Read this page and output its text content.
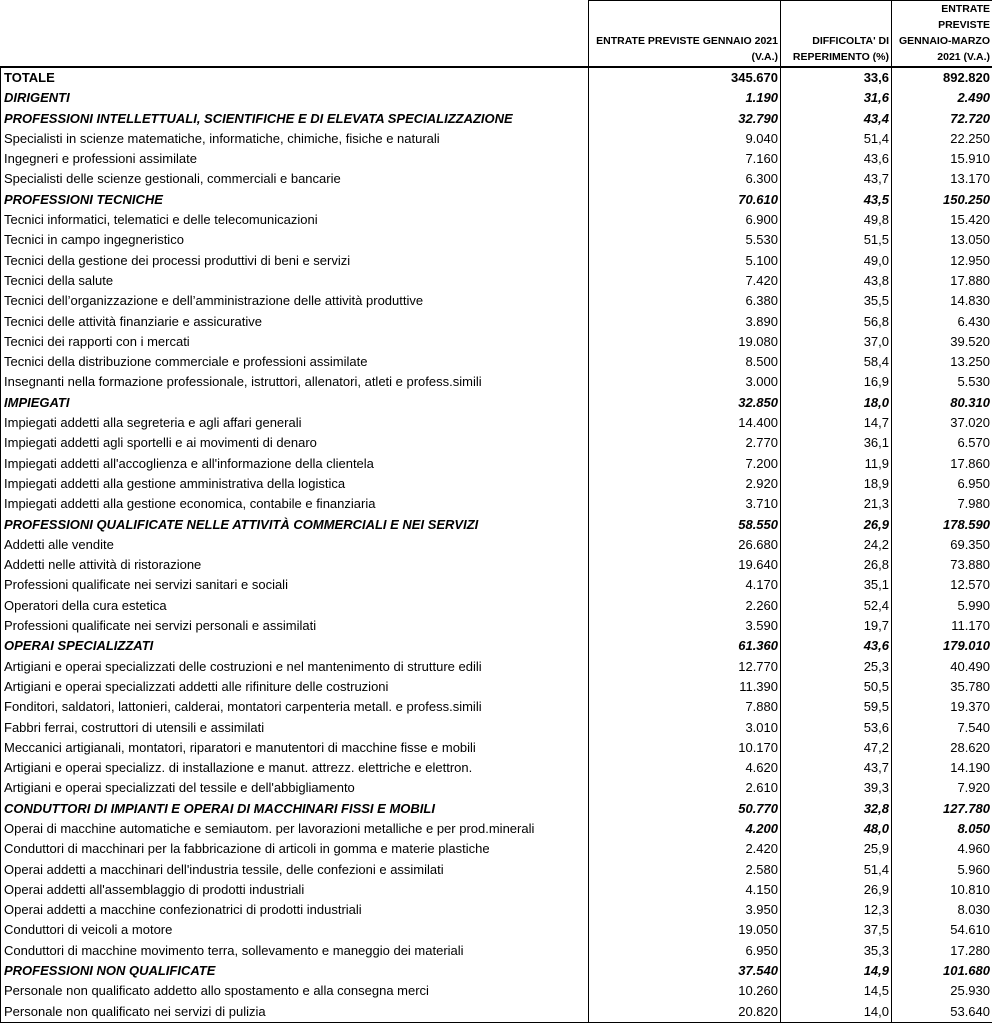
	ENTRATE PREVISTE GENNAIO 2021 (V.A.)	DIFFICOLTA' DI REPERIMENTO (%)	ENTRATE PREVISTE GENNAIO-MARZO 2021 (V.A.)
TOTALE	345.670	33,6	892.820
DIRIGENTI	1.190	31,6	2.490
PROFESSIONI INTELLETTUALI, SCIENTIFICHE E DI ELEVATA SPECIALIZZAZIONE	32.790	43,4	72.720
Specialisti in scienze matematiche, informatiche, chimiche, fisiche e naturali	9.040	51,4	22.250
Ingegneri e professioni assimilate	7.160	43,6	15.910
Specialisti delle scienze gestionali, commerciali e bancarie	6.300	43,7	13.170
PROFESSIONI TECNICHE	70.610	43,5	150.250
Tecnici informatici, telematici e delle telecomunicazioni	6.900	49,8	15.420
Tecnici in campo ingegneristico	5.530	51,5	13.050
Tecnici della gestione dei processi produttivi di beni e servizi	5.100	49,0	12.950
Tecnici della salute	7.420	43,8	17.880
Tecnici dell’organizzazione e dell’amministrazione delle attività produttive	6.380	35,5	14.830
Tecnici delle attività finanziarie e assicurative	3.890	56,8	6.430
Tecnici dei rapporti con i mercati	19.080	37,0	39.520
Tecnici della distribuzione commerciale e professioni assimilate	8.500	58,4	13.250
Insegnanti nella formazione professionale, istruttori, allenatori, atleti e profess.simili	3.000	16,9	5.530
IMPIEGATI	32.850	18,0	80.310
Impiegati addetti alla segreteria e agli affari generali	14.400	14,7	37.020
Impiegati addetti agli sportelli e ai movimenti di denaro	2.770	36,1	6.570
Impiegati addetti all'accoglienza e all'informazione della clientela	7.200	11,9	17.860
Impiegati addetti alla gestione amministrativa della logistica	2.920	18,9	6.950
Impiegati addetti alla gestione economica, contabile e finanziaria	3.710	21,3	7.980
PROFESSIONI QUALIFICATE NELLE ATTIVITÀ COMMERCIALI E NEI SERVIZI	58.550	26,9	178.590
Addetti alle vendite	26.680	24,2	69.350
Addetti nelle attività di ristorazione	19.640	26,8	73.880
Professioni qualificate nei servizi sanitari e sociali	4.170	35,1	12.570
Operatori della cura estetica	2.260	52,4	5.990
Professioni qualificate nei servizi personali e assimilati	3.590	19,7	11.170
OPERAI SPECIALIZZATI	61.360	43,6	179.010
Artigiani e operai specializzati delle costruzioni e nel mantenimento di strutture edili	12.770	25,3	40.490
Artigiani e operai specializzati addetti alle rifiniture delle costruzioni	11.390	50,5	35.780
Fonditori, saldatori, lattonieri, calderai, montatori carpenteria metall. e profess.simili	7.880	59,5	19.370
Fabbri ferrai, costruttori di utensili e assimilati	3.010	53,6	7.540
Meccanici artigianali, montatori, riparatori e manutentori di macchine fisse e mobili	10.170	47,2	28.620
Artigiani e operai specializz. di installazione e manut. attrezz. elettriche e elettron.	4.620	43,7	14.190
Artigiani e operai specializzati del tessile e dell'abbigliamento	2.610	39,3	7.920
CONDUTTORI DI IMPIANTI E OPERAI DI MACCHINARI FISSI E MOBILI	50.770	32,8	127.780
Operai di macchine automatiche e semiautom. per lavorazioni metalliche e per prod.minerali	4.200	48,0	8.050
Conduttori di macchinari per la fabbricazione di articoli in gomma e materie plastiche	2.420	25,9	4.960
Operai addetti a macchinari dell'industria tessile, delle confezioni e assimilati	2.580	51,4	5.960
Operai addetti all'assemblaggio di prodotti industriali	4.150	26,9	10.810
Operai addetti a macchine confezionatrici di prodotti industriali	3.950	12,3	8.030
Conduttori di veicoli a motore	19.050	37,5	54.610
Conduttori di macchine movimento terra, sollevamento e maneggio dei materiali	6.950	35,3	17.280
PROFESSIONI NON QUALIFICATE	37.540	14,9	101.680
Personale non qualificato addetto allo spostamento e alla consegna merci	10.260	14,5	25.930
Personale non qualificato nei servizi di pulizia	20.820	14,0	53.640
